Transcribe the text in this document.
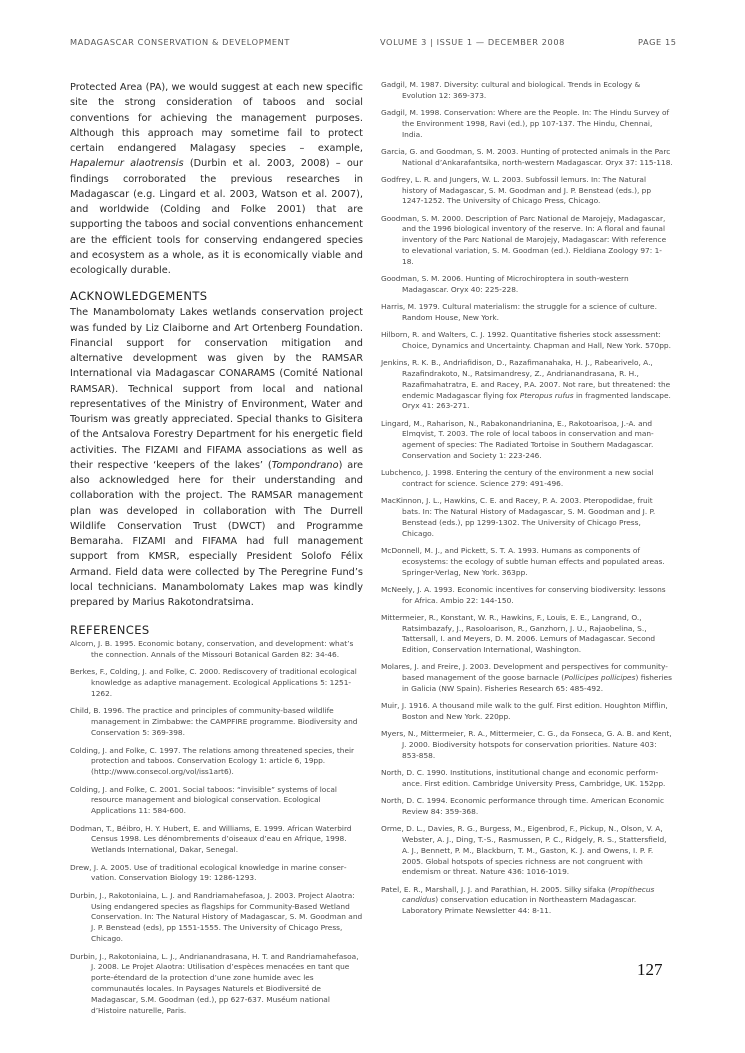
MADAGASCAR CONSERVATION & DEVELOPMENT	VOLUME 3 | ISSUE 1 — DECEMBER 2008	PAGE 15

Protected Area (PA), we would suggest at each new specific site the strong consideration of taboos and social conventions for achieving the management purposes. Although this approach may sometime fail to protect certain endangered Malagasy species – example, Hapalemur alaotrensis (Durbin et al. 2003, 2008) – our findings corroborated the previous researches in Madagascar (e.g. Lingard et al. 2003, Watson et al. 2007), and worldwide (Colding and Folke 2001) that are supporting the taboos and social conventions enhancement are the efficient tools for conserving endangered species and ecosystem as a whole, as it is economically viable and ecologically durable.

ACKNOWLEDGEMENTS

The Manambolomaty Lakes wetlands conservation project was funded by Liz Claiborne and Art Ortenberg Foundation. Financial support for conservation mitigation and alternative development was given by the RAMSAR International via Madagascar CONARAMS (Comité National RAMSAR). Technical support from local and national representatives of the Ministry of Environment, Water and Tourism was greatly appreciated. Special thanks to Gisitera of the Antsalova Forestry Department for his energetic field activities. The FIZAMI and FIFAMA associations as well as their respective ‘keepers of the lakes’ (Tompondrano) are also acknowledged here for their understanding and collaboration with the project. The RAMSAR management plan was developed in collaboration with The Durrell Wildlife Conservation Trust (DWCT) and Programme Bemaraha. FIZAMI and FIFAMA had full management support from KMSR, especially President Solofo Félix Armand. Field data were collected by The Peregrine Fund’s local technicians. Manambolomaty Lakes map was kindly prepared by Marius Rakotondratsima.

REFERENCES

Alcorn, J. B. 1995. Economic botany, conservation, and development: what’s the connection. Annals of the Missouri Botanical Garden 82: 34-46.

Berkes, F., Colding, J. and Folke, C. 2000. Rediscovery of traditional ecological knowledge as adaptive management. Ecological Applications 5: 1251-1262.

Child, B. 1996. The practice and principles of community-based wildlife management in Zimbabwe: the CAMPFIRE programme. Biodiversity and Conservation 5: 369-398.

Colding, J. and Folke, C. 1997. The relations among threatened species, their protection and taboos. Conservation Ecology 1: article 6, 19pp. (http://www.consecol.org/vol/iss1art6).

Colding, J. and Folke, C. 2001. Social taboos: “invisible” systems of local resource management and biological conservation. Ecological Applications 11: 584-600.

Dodman, T., Béibro, H. Y. Hubert, E. and Williams, E. 1999. African Waterbird Census 1998. Les dénombrements d’oiseaux d’eau en Afrique, 1998. Wetlands International, Dakar, Senegal.

Drew, J. A. 2005. Use of traditional ecological knowledge in marine conservation. Conservation Biology 19: 1286-1293.

Durbin, J., Rakotoniaina, L. J. and Randriamahefasoa, J. 2003. Project Alaotra: Using endangered species as flagships for Community-Based Wetland Conservation. In: The Natural History of Madagascar, S. M. Goodman and J. P. Benstead (eds), pp 1551-1555. The University of Chicago Press, Chicago.

Durbin, J., Rakotoniaina, L. J., Andrianandrasana, H. T. and Randriamahefasoa, J. 2008. Le Projet Alaotra: Utilisation d’espèces menacées en tant que porte-étendard de la protection d’une zone humide avec les communautés locales. In Paysages Naturels et Biodiversité de Madagascar, S.M. Goodman (ed.), pp 627-637. Muséum national d’Histoire naturelle, Paris.

Gadgil, M. 1987. Diversity: cultural and biological. Trends in Ecology & Evolution 12: 369-373.

Gadgil, M. 1998. Conservation: Where are the People. In: The Hindu Survey of the Environment 1998, Ravi (ed.), pp 107-137. The Hindu, Chennai, India.

Garcia, G. and Goodman, S. M. 2003. Hunting of protected animals in the Parc National d’Ankarafantsika, north-western Madagascar. Oryx 37: 115-118.

Godfrey, L. R. and Jungers, W. L. 2003. Subfossil lemurs. In: The Natural history of Madagascar, S. M. Goodman and J. P. Benstead (eds.), pp 1247-1252. The University of Chicago Press, Chicago.

Goodman, S. M. 2000. Description of Parc National de Marojejy, Madagascar, and the 1996 biological inventory of the reserve. In: A floral and faunal inventory of the Parc National de Marojejy, Madagascar: With reference to elevational variation, S. M. Goodman (ed.). Fieldiana Zoology 97: 1-18.

Goodman, S. M. 2006. Hunting of Microchiroptera in south-western Madagascar. Oryx 40: 225-228.

Harris, M. 1979. Cultural materialism: the struggle for a science of culture. Random House, New York.

Hilborn, R. and Walters, C. J. 1992. Quantitative fisheries stock assessment: Choice, Dynamics and Uncertainty. Chapman and Hall, New York. 570pp.

Jenkins, R. K. B., Andriafidison, D., Razafimanahaka, H. J., Rabearivelo, A., Razafindrakoto, N., Ratsimandresy, Z., Andrianandrasana, R. H., Razafimahatratra, E. and Racey, P.A. 2007. Not rare, but threatened: the endemic Madagascar flying fox Pteropus rufus in fragmented landscape. Oryx 41: 263-271.

Lingard, M., Raharison, N., Rabakonandrianina, E., Rakotoarisoa, J.-A. and Elmqvist, T. 2003. The role of local taboos in conservation and management of species: The Radiated Tortoise in Southern Madagascar. Conservation and Society 1: 223-246.

Lubchenco, J. 1998. Entering the century of the environment a new social contract for science. Science 279: 491-496.

MacKinnon, J. L., Hawkins, C. E. and Racey, P. A. 2003. Pteropodidae, fruit bats. In: The Natural History of Madagascar, S. M. Goodman and J. P. Benstead (eds.), pp 1299-1302. The University of Chicago Press, Chicago.

McDonnell, M. J., and Pickett, S. T. A. 1993. Humans as components of ecosystems: the ecology of subtle human effects and populated areas. Springer-Verlag, New York. 363pp.

McNeely, J. A. 1993. Economic incentives for conserving biodiversity: lessons for Africa. Ambio 22: 144-150.

Mittermeier, R., Konstant, W. R., Hawkins, F., Louis, E. E., Langrand, O., Ratsimbazafy, J., Rasoloarison, R., Ganzhorn, J. U., Rajaobelina, S., Tattersall, I. and Meyers, D. M. 2006. Lemurs of Madagascar. Second Edition, Conservation International, Washington.

Molares, J. and Freire, J. 2003. Development and perspectives for community-based management of the goose barnacle (Pollicipes pollicipes) fisheries in Galicia (NW Spain). Fisheries Research 65: 485-492.

Muir, J. 1916. A thousand mile walk to the gulf. First edition. Houghton Mifflin, Boston and New York. 220pp.

Myers, N., Mittermeier, R. A., Mittermeier, C. G., da Fonseca, G. A. B. and Kent, J. 2000. Biodiversity hotspots for conservation priorities. Nature 403: 853-858.

North, D. C. 1990. Institutions, institutional change and economic performance. First edition. Cambridge University Press, Cambridge, UK. 152pp.

North, D. C. 1994. Economic performance through time. American Economic Review 84: 359-368.

Orme, D. L., Davies, R. G., Burgess, M., Eigenbrod, F., Pickup, N., Olson, V. A, Webster, A. J., Ding, T.-S., Rasmussen, P. C., Ridgely, R. S., Stattersfield, A. J., Bennett, P. M., Blackburn, T. M., Gaston, K. J. and Owens, I. P. F. 2005. Global hotspots of species richness are not congruent with endemism or threat. Nature 436: 1016-1019.

Patel, E. R., Marshall, J. J. and Parathian, H. 2005. Silky sifaka (Propithecus candidus) conservation education in Northeastern Madagascar. Laboratory Primate Newsletter 44: 8-11.

127
